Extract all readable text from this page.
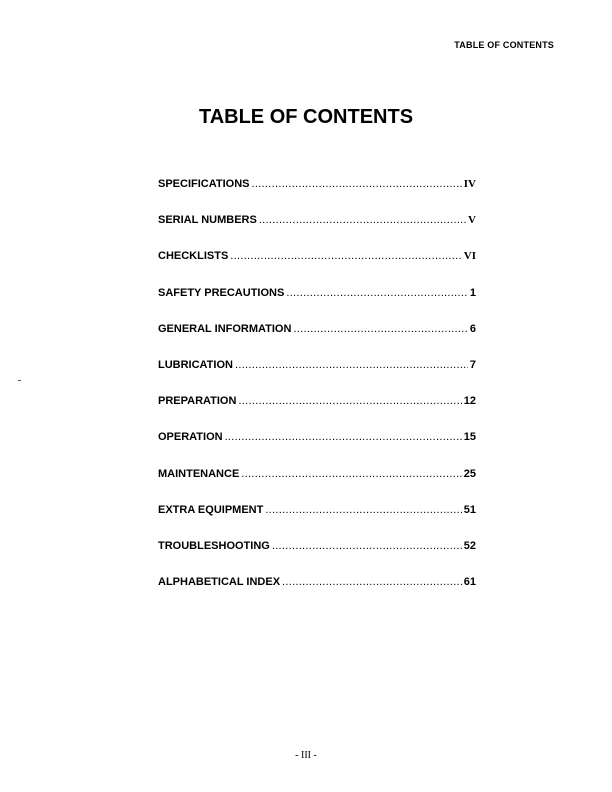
TABLE OF CONTENTS
TABLE OF CONTENTS
SPECIFICATIONS .....	IV
SERIAL NUMBERS .....	V
CHECKLISTS .....	VI
SAFETY PRECAUTIONS .....	1
GENERAL INFORMATION .....	6
LUBRICATION .....	7
PREPARATION .....	12
OPERATION .....	15
MAINTENANCE .....	25
EXTRA EQUIPMENT .....	51
TROUBLESHOOTING .....	52
ALPHABETICAL INDEX .....	61
- III -
